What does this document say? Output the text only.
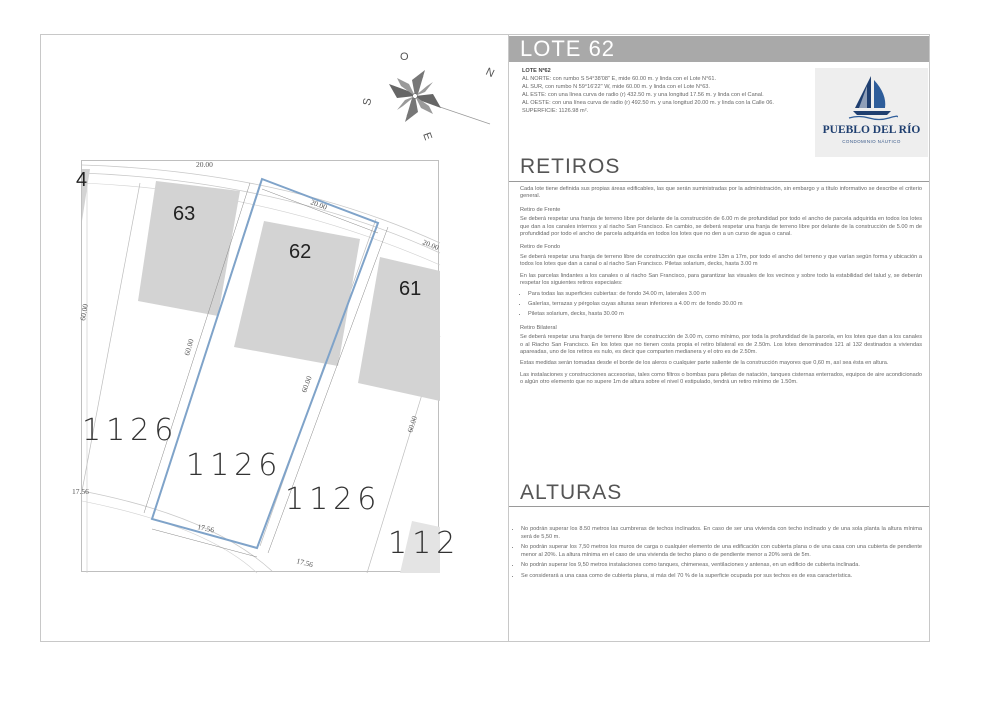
O
N
S
E
63
62
61
4
1126
1126
1126
112
20.00
20.00
20.00
60.00
60.00
60.00
60.00
17.56
17.56
17.56
LOTE 62
LOTE Nº62
AL NORTE: con rumbo S 54°38'08" E, mide 60.00 m. y linda con el Lote N°61.
AL SUR, con rumbo N 59°16'22" W, mide 60.00 m. y linda con el Lote N°63.
AL ESTE: con una línea curva de radio (r) 432.50 m. y una longitud 17.56 m. y linda con el Canal.
AL OESTE: con una línea curva de radio (r) 492.50 m. y una longitud 20.00 m. y linda con la Calle 06.
SUPERFICIE: 1126.98 m².
PUEBLO DEL RÍO
CONDOMINIO NÁUTICO
RETIROS

Cada lote tiene definida sus propias áreas edificables, las que serán suministradas por la administración, sin embargo y a título informativo se describe el criterio general.

Retiro de Frente

Se deberá respetar una franja de terreno libre por delante de la construcción de 6.00 m de profundidad por todo el ancho de parcela adquirida en todos los lotes que dan a los canales internos y al riacho San Francisco. En cambio, se deberá respetar una franja de terreno libre por delante de la construcción de 5.00 m de profundidad por todo el ancho de parcela adquirida en todos los lotes que no den a un curso de agua o canal.

Retiro de Fondo

Se deberá respetar una franja de terreno libre de construcción que oscila entre 13m a 17m, por todo el ancho del terreno y que varían según forma y ubicación a todos los lotes que dan a canal o al riacho San Francisco. Piletas solarium, decks, hasta 3.00 m

En las parcelas lindantes a los canales o al riacho San Francisco, para garantizar las visuales de los vecinos y sobre todo la estabilidad del talud y, se deberán respetar los siguientes retiros especiales:

• Para todas las superficies cubiertas: de fondo 34.00 m, laterales 3.00 m
• Galerías, terrazas y pérgolas cuyas alturas sean inferiores a 4.00 m: de fondo 30.00 m
• Piletas solarium, decks, hasta 30.00 m
Retiro Bilateral

Se deberá respetar una franja de terreno libre de construcción de 3.00 m, como mínimo, por toda la profundidad de la parcela, en los lotes que dan a los canales o al Riacho San Francisco. En los lotes que no tienen costa propia el retiro bilateral es de 2.50m. Los lotes denominados 121 al 132 destinados a viviendas apareadas, uno de los retiros es nulo, es decir que comparten medianera y el otro es de 2.50m.

Estas medidas serán tomadas desde el borde de los aleros o cualquier parte saliente de la construcción mayores que 0,60 m, así sea ésta en altura.

Las instalaciones y construcciones accesorias, tales como filtros o bombas para piletas de natación, tanques cisternas enterrados, equipos de aire acondicionado o algún otro elemento que no supere 1m de altura sobre el nivel 0 estipulado, tendrá un retiro mínimo de 1.50m.

ALTURAS
• No podrán superar los 8.50 metros las cumbreras de techos inclinados. En caso de ser una vivienda con techo inclinado y de una sola planta la altura mínima será de 5,50 m.
• No podrán superar los 7,50 metros los muros de carga o cualquier elemento de una edificación con cubierta plana o de una casa con una cubierta de pendiente menor al 20%. La altura mínima en el caso de una vivienda de techo plano o de pendiente menor a 20% será de 5m.
• No podrán superar los 9,50 metros instalaciones como tanques, chimeneas, ventilaciones y antenas, en un edificio de cubierta inclinada.
• Se considerará a una casa como de cubierta plana, si más del 70 % de la superficie ocupada por sus techos es de esa característica.
